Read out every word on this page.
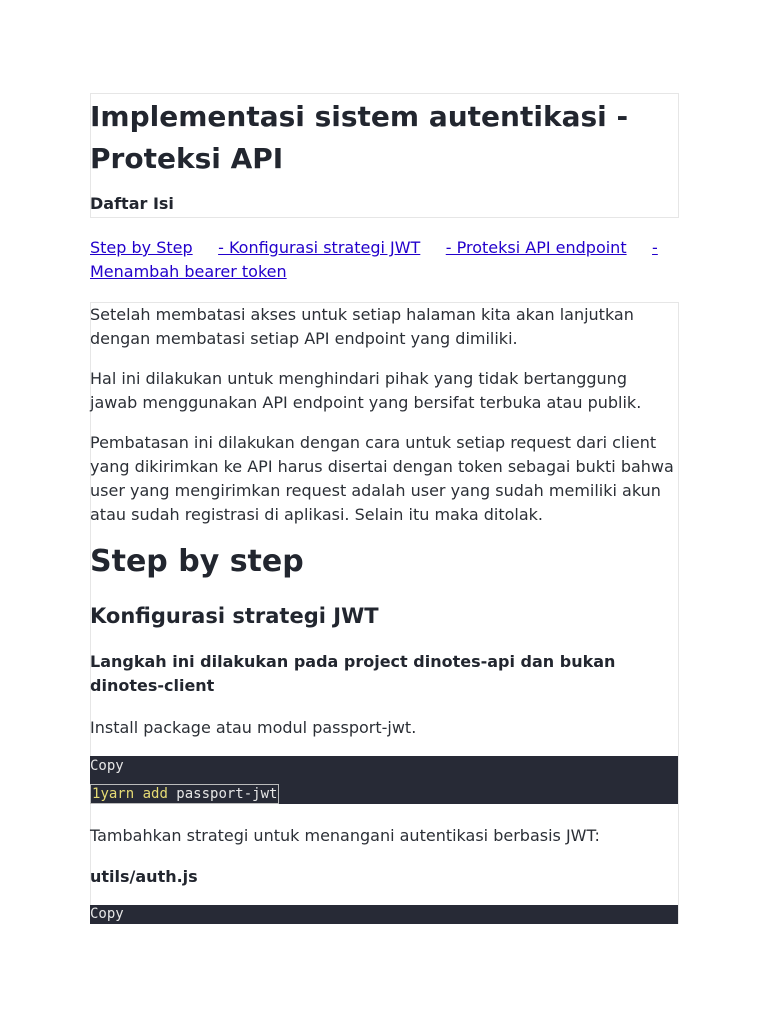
Implementasi sistem autentikasi - Proteksi API
Daftar Isi
Step by Step - Konfigurasi strategi JWT - Proteksi API endpoint - Menambah bearer token

Setelah membatasi akses untuk setiap halaman kita akan lanjutkan dengan membatasi setiap API endpoint yang dimiliki.

Hal ini dilakukan untuk menghindari pihak yang tidak bertanggung jawab menggunakan API endpoint yang bersifat terbuka atau publik.

Pembatasan ini dilakukan dengan cara untuk setiap request dari client yang dikirimkan ke API harus disertai dengan token sebagai bukti bahwa user yang mengirimkan request adalah user yang sudah memiliki akun atau sudah registrasi di aplikasi. Selain itu maka ditolak.

Step by step
Konfigurasi strategi JWT

Langkah ini dilakukan pada project dinotes-api dan bukan dinotes-client

Install package atau modul passport-jwt.

Copy
1yarn add passport-jwt

Tambahkan strategi untuk menangani autentikasi berbasis JWT:

utils/auth.js

Copy
